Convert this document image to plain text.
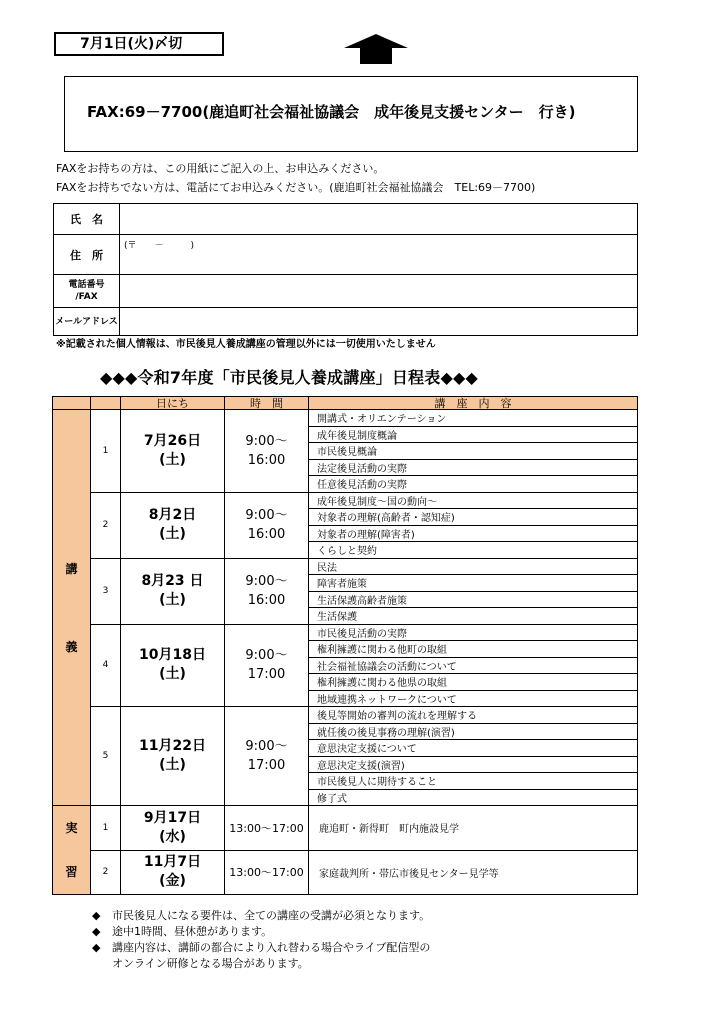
7月1日(火)〆切
FAX:69－7700(鹿追町社会福祉協議会　成年後見支援センター　行き)
FAXをお持ちの方は、この用紙にご記入の上、お申込みください。
FAXをお持ちでない方は、電話にてお申込みください。(鹿追町社会福祉協議会　TEL:69－7700)
氏　名	
住　所	(〒　　－　　　)
電話番号
/FAX	
メールアドレス	
※記載された個人情報は、市民後見人養成講座の管理以外には一切使用いたしません
◆◆◆令和7年度「市民後見人養成講座」日程表◆◆◆
		日にち	時　間	講　座　内　容

講
義	1	7月26日
(土)	9:00～
16:00	開講式・オリエンテーション
				成年後見制度概論
				市民後見概論
				法定後見活動の実際
				任意後見活動の実際
	2	8月2日
(土)	9:00～
16:00	成年後見制度～国の動向～
				対象者の理解(高齢者・認知症)
				対象者の理解(障害者)
				くらしと契約
	3	8月23 日
(土)	9:00～
16:00	民法
				障害者施策
				生活保護高齢者施策
				生活保護
	4	10月18日
(土)	9:00～
17:00	市民後見活動の実際
				権利擁護に関わる他町の取組
				社会福祉協議会の活動について
				権利擁護に関わる他県の取組
				地域連携ネットワークについて
	5	11月22日
(土)	9:00～
17:00	後見等開始の審判の流れを理解する
				就任後の後見事務の理解(演習)
				意思決定支援について
				意思決定支援(演習)
				市民後見人に期待すること
				修了式

実
習	1	9月17日
(水)	13:00～17:00	鹿追町・新得町　町内施設見学
	2	11月7日
(金)	13:00～17:00	家庭裁判所・帯広市後見センター見学等
◆	市民後見人になる要件は、全ての講座の受講が必須となります。
◆	途中1時間、昼休憩があります。
◆	講座内容は、講師の都合により入れ替わる場合やライブ配信型の
オンライン研修となる場合があります。
